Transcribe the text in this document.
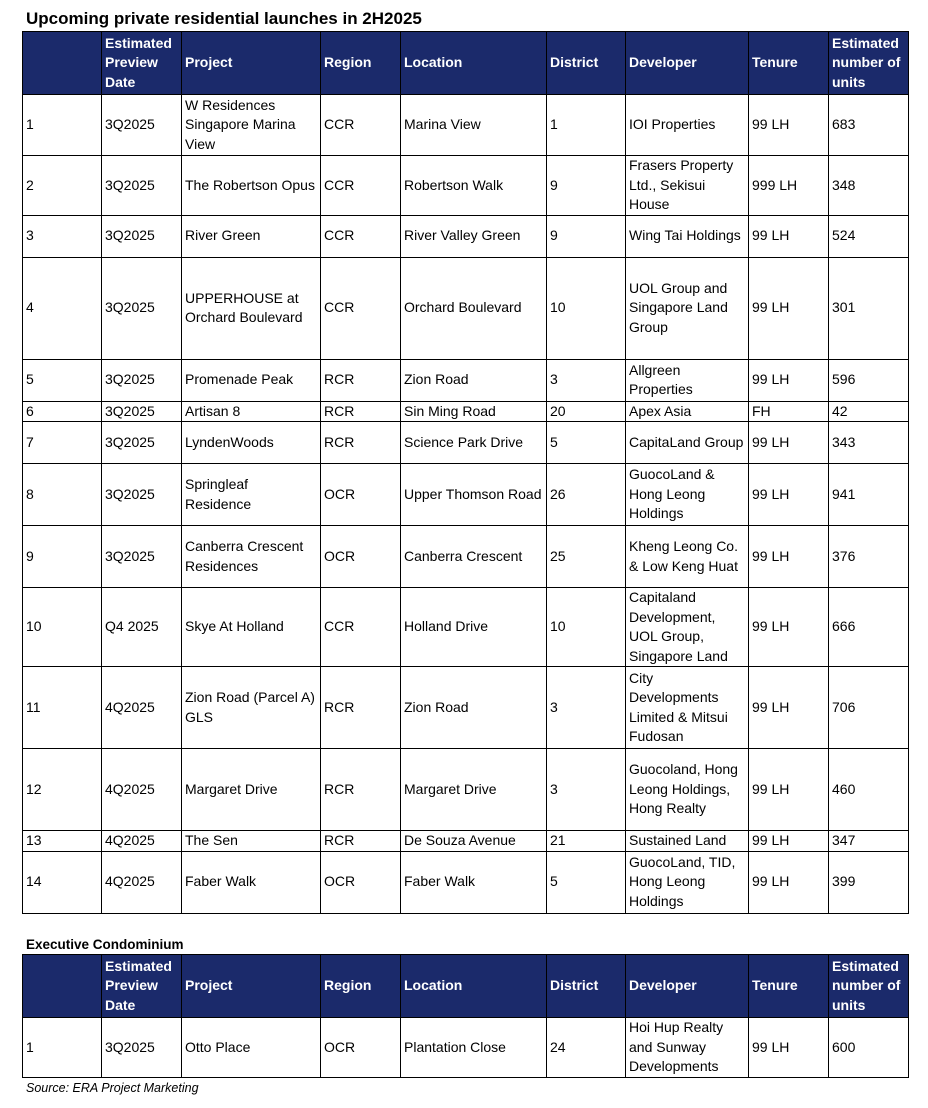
Upcoming private residential launches in 2H2025
	Estimated Preview Date	Project	Region	Location	District	Developer	Tenure	Estimated number of units
1	3Q2025	W Residences Singapore Marina View	CCR	Marina View	1	IOI Properties	99 LH	683
2	3Q2025	The Robertson Opus	CCR	Robertson Walk	9	Frasers Property Ltd., Sekisui House	999 LH	348
3	3Q2025	River Green	CCR	River Valley Green	9	Wing Tai Holdings	99 LH	524
4	3Q2025	UPPERHOUSE at Orchard Boulevard	CCR	Orchard Boulevard	10	UOL Group and Singapore Land Group	99 LH	301
5	3Q2025	Promenade Peak	RCR	Zion Road	3	Allgreen Properties	99 LH	596
6	3Q2025	Artisan 8	RCR	Sin Ming Road	20	Apex Asia	FH	42
7	3Q2025	LyndenWoods	RCR	Science Park Drive	5	CapitaLand Group	99 LH	343
8	3Q2025	Springleaf Residence	OCR	Upper Thomson Road	26	GuocoLand & Hong Leong Holdings	99 LH	941
9	3Q2025	Canberra Crescent Residences	OCR	Canberra Crescent	25	Kheng Leong Co. & Low Keng Huat	99 LH	376
10	Q4 2025	Skye At Holland	CCR	Holland Drive	10	Capitaland Development, UOL Group, Singapore Land	99 LH	666
11	4Q2025	Zion Road (Parcel A) GLS	RCR	Zion Road	3	City Developments Limited & Mitsui Fudosan	99 LH	706
12	4Q2025	Margaret Drive	RCR	Margaret Drive	3	Guocoland, Hong Leong Holdings, Hong Realty	99 LH	460
13	4Q2025	The Sen	RCR	De Souza Avenue	21	Sustained Land	99 LH	347
14	4Q2025	Faber Walk	OCR	Faber Walk	5	GuocoLand, TID, Hong Leong Holdings	99 LH	399
Executive Condominium
	Estimated Preview Date	Project	Region	Location	District	Developer	Tenure	Estimated number of units
1	3Q2025	Otto Place	OCR	Plantation Close	24	Hoi Hup Realty and Sunway Developments	99 LH	600
Source: ERA Project Marketing
